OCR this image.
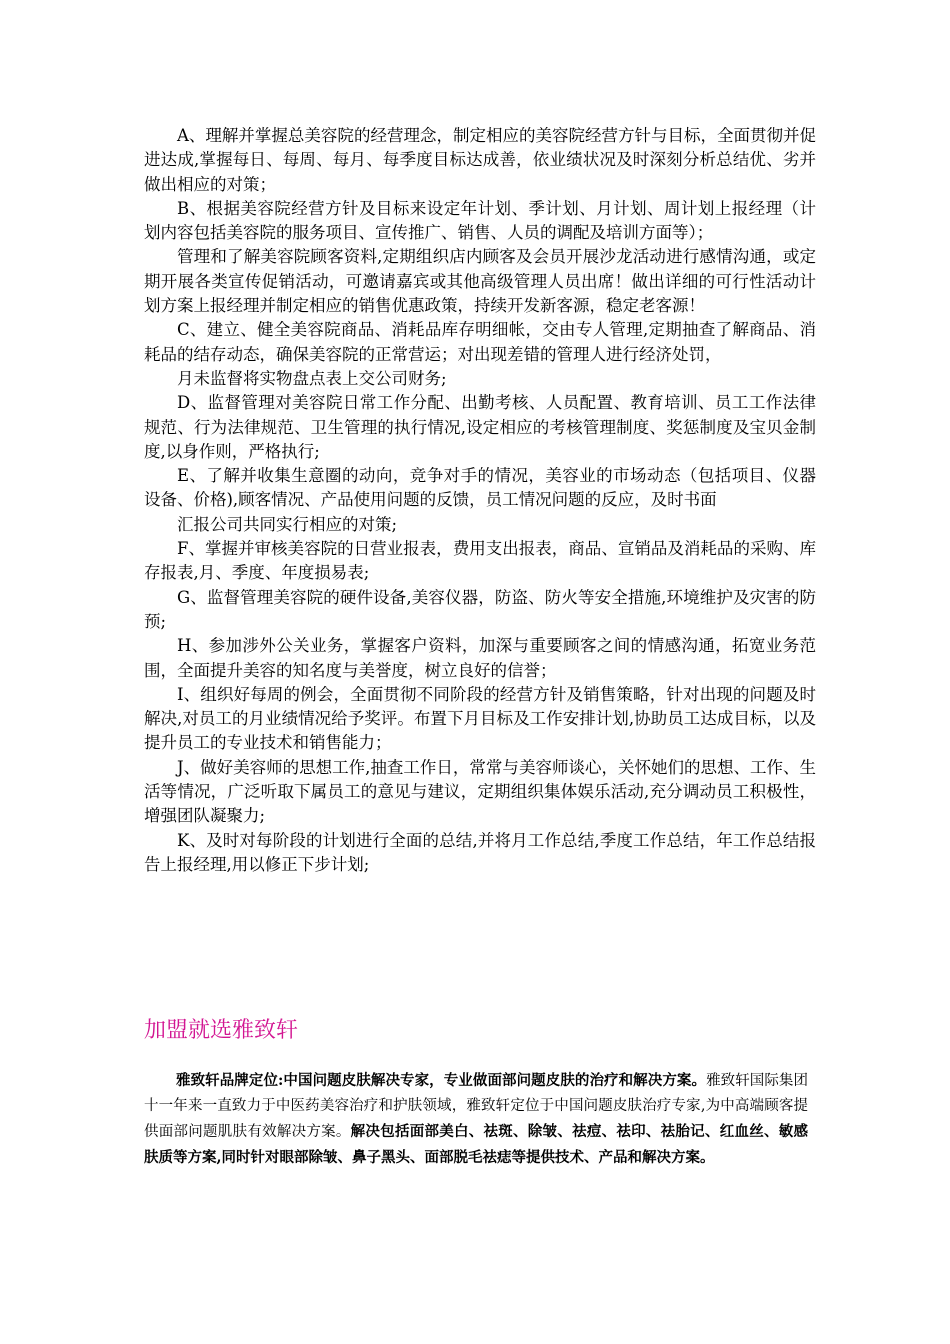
A、理解并掌握总美容院的经营理念，制定相应的美容院经营方针与目标，全面贯彻并促进达成,掌握每日、每周、每月、每季度目标达成善，依业绩状况及时深刻分析总结优、劣并做出相应的对策；

B、根据美容院经营方针及目标来设定年计划、季计划、月计划、周计划上报经理（计划内容包括美容院的服务项目、宣传推广、销售、人员的调配及培训方面等）；

管理和了解美容院顾客资料,定期组织店内顾客及会员开展沙龙活动进行感情沟通，或定期开展各类宣传促销活动，可邀请嘉宾或其他高级管理人员出席！做出详细的可行性活动计划方案上报经理并制定相应的销售优惠政策，持续开发新客源，稳定老客源！

C、建立、健全美容院商品、消耗品库存明细帐，交由专人管理,定期抽查了解商品、消耗品的结存动态，确保美容院的正常营运；对出现差错的管理人进行经济处罚，

月未监督将实物盘点表上交公司财务;

D、监督管理对美容院日常工作分配、出勤考核、人员配置、教育培训、员工工作法律规范、行为法律规范、卫生管理的执行情况,设定相应的考核管理制度、奖惩制度及宝贝金制度,以身作则，严格执行;

E、了解并收集生意圈的动向，竞争对手的情况，美容业的市场动态（包括项目、仪器设备、价格),顾客情况、产品使用问题的反馈，员工情况问题的反应，及时书面

汇报公司共同实行相应的对策;

F、掌握并审核美容院的日营业报表，费用支出报表，商品、宣销品及消耗品的采购、库存报表,月、季度、年度损易表;

G、监督管理美容院的硬件设备,美容仪器，防盗、防火等安全措施,环境维护及灾害的防预;

H、参加涉外公关业务，掌握客户资料，加深与重要顾客之间的情感沟通，拓宽业务范围，全面提升美容的知名度与美誉度，树立良好的信誉；

I、组织好每周的例会，全面贯彻不同阶段的经营方针及销售策略，针对出现的问题及时解决,对员工的月业绩情况给予奖评。布置下月目标及工作安排计划,协助员工达成目标，以及提升员工的专业技术和销售能力；

J、做好美容师的思想工作,抽查工作日，常常与美容师谈心，关怀她们的思想、工作、生活等情况，广泛听取下属员工的意见与建议，定期组织集体娱乐活动,充分调动员工积极性，增强团队凝聚力;

K、及时对每阶段的计划进行全面的总结,并将月工作总结,季度工作总结，年工作总结报告上报经理,用以修正下步计划;

加盟就选雅致轩

雅致轩品牌定位:中国问题皮肤解决专家，专业做面部问题皮肤的治疗和解决方案。雅致轩国际集团十一年来一直致力于中医药美容治疗和护肤领域，雅致轩定位于中国问题皮肤治疗专家,为中高端顾客提供面部问题肌肤有效解决方案。解决包括面部美白、祛斑、除皱、祛痘、祛印、祛胎记、红血丝、敏感肤质等方案,同时针对眼部除皱、鼻子黑头、面部脱毛祛痣等提供技术、产品和解决方案。
